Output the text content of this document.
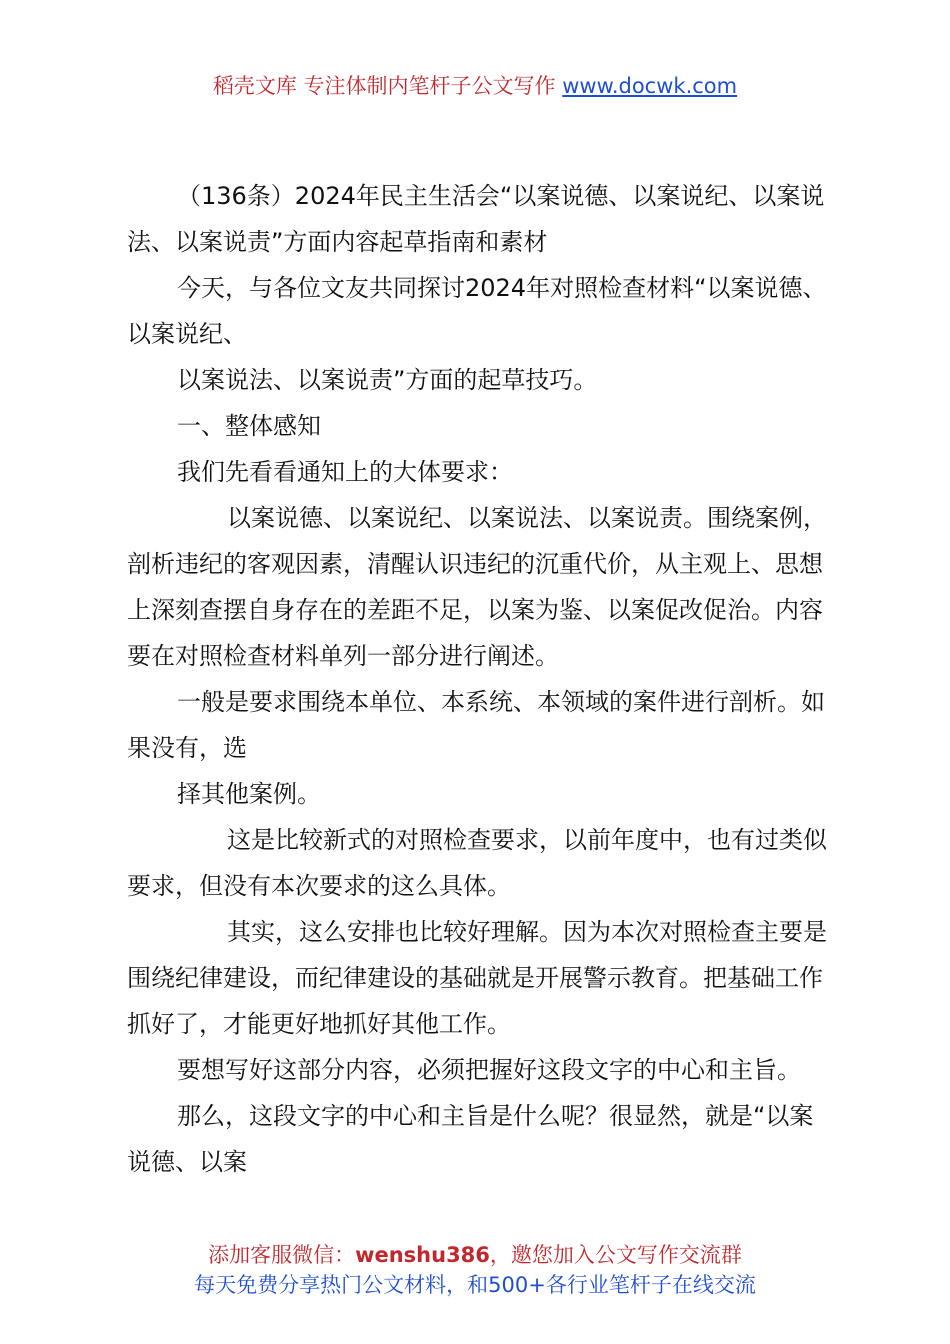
稻壳文库 专注体制内笔杆子公文写作 www.docwk.com

（136条）2024年民主生活会“以案说德、以案说纪、以案说法、以案说责”方面内容起草指南和素材

今天，与各位文友共同探讨2024年对照检查材料“以案说德、以案说纪、

以案说法、以案说责”方面的起草技巧。

一、整体感知

我们先看看通知上的大体要求：

以案说德、以案说纪、以案说法、以案说责。围绕案例，剖析违纪的客观因素，清醒认识违纪的沉重代价，从主观上、思想上深刻查摆自身存在的差距不足，以案为鉴、以案促改促治。内容要在对照检查材料单列一部分进行阐述。

一般是要求围绕本单位、本系统、本领域的案件进行剖析。如果没有，选

择其他案例。

这是比较新式的对照检查要求，以前年度中，也有过类似要求，但没有本次要求的这么具体。

其实，这么安排也比较好理解。因为本次对照检查主要是围绕纪律建设，而纪律建设的基础就是开展警示教育。把基础工作抓好了，才能更好地抓好其他工作。

要想写好这部分内容，必须把握好这段文字的中心和主旨。

那么，这段文字的中心和主旨是什么呢？很显然，就是“以案说德、以案

添加客服微信：wenshu386，邀您加入公文写作交流群
每天免费分享热门公文材料，和500+各行业笔杆子在线交流
